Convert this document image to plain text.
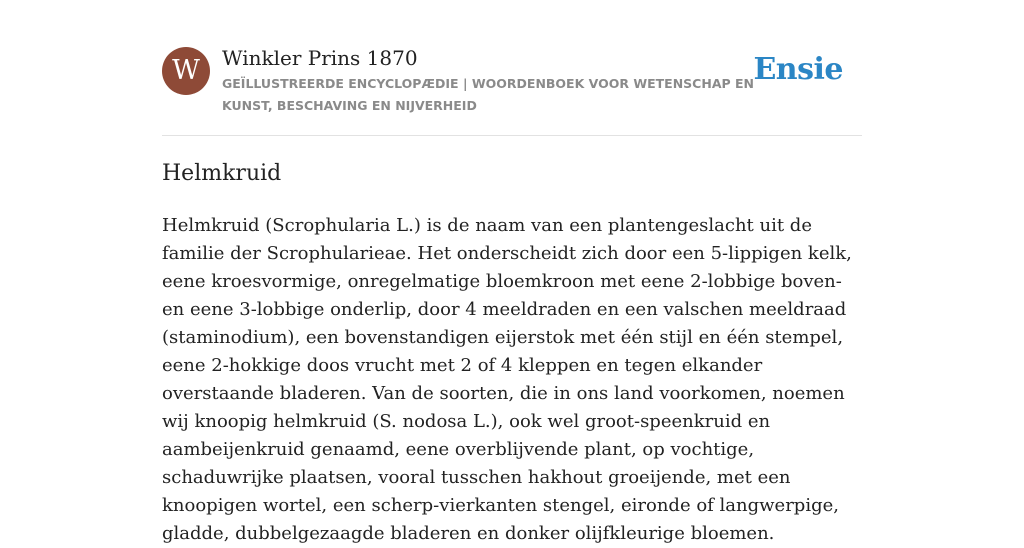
W	Winkler Prins 1870
GEÏLLUSTREERDE ENCYCLOPÆDIE | WOORDENBOEK VOOR WETENSCHAP EN KUNST, BESCHAVING EN NIJVERHEID
Ensie
Helmkruid

Helmkruid (Scrophularia L.) is de naam van een plantengeslacht uit de familie der Scrophularieae. Het onderscheidt zich door een 5-lippigen kelk, eene kroesvormige, onregelmatige bloemkroon met eene 2-lobbige boven- en eene 3-lobbige onderlip, door 4 meeldraden en een valschen meeldraad (staminodium), een bovenstandigen eijerstok met één stijl en één stempel, eene 2-hokkige doos vrucht met 2 of 4 kleppen en tegen elkander overstaande bladeren. Van de soorten, die in ons land voorkomen, noemen wij knoopig helmkruid (S. nodosa L.), ook wel groot-speenkruid en aambeijenkruid genaamd, eene overblijvende plant, op vochtige, schaduwrijke plaatsen, vooral tusschen hakhout groeijende, met een knoopigen wortel, een scherp-vierkanten stengel, eironde of langwerpige, gladde, dubbelgezaagde bladeren en donker olijfkleurige bloemen.
